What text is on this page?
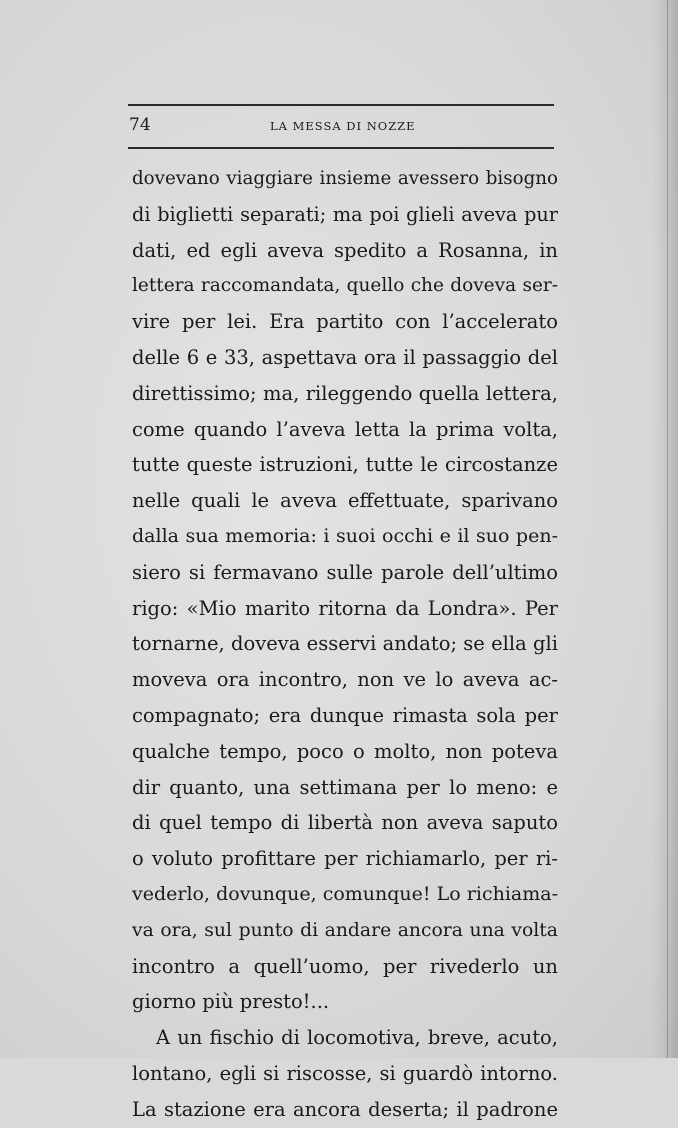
74	LA MESSA DI NOZZE
dovevano viaggiare insieme avessero bisogno
di biglietti separati; ma poi glieli aveva pur
dati, ed egli aveva spedito a Rosanna, in
lettera raccomandata, quello che doveva ser-
vire per lei. Era partito con l’accelerato
delle 6 e 33, aspettava ora il passaggio del
direttissimo; ma, rileggendo quella lettera,
come quando l’aveva letta la prima volta,
tutte queste istruzioni, tutte le circostanze
nelle quali le aveva effettuate, sparivano
dalla sua memoria: i suoi occhi e il suo pen-
siero si fermavano sulle parole dell’ultimo
rigo: «Mio marito ritorna da Londra». Per
tornarne, doveva esservi andato; se ella gli
moveva ora incontro, non ve lo aveva ac-
compagnato; era dunque rimasta sola per
qualche tempo, poco o molto, non poteva
dir quanto, una settimana per lo meno: e
di quel tempo di libertà non aveva saputo
o voluto profittare per richiamarlo, per ri-
vederlo, dovunque, comunque! Lo richiama-
va ora, sul punto di andare ancora una volta
incontro a quell’uomo, per rivederlo un
giorno più presto!...
A un fischio di locomotiva, breve, acuto,
lontano, egli si riscosse, si guardò intorno.
La stazione era ancora deserta; il padrone
